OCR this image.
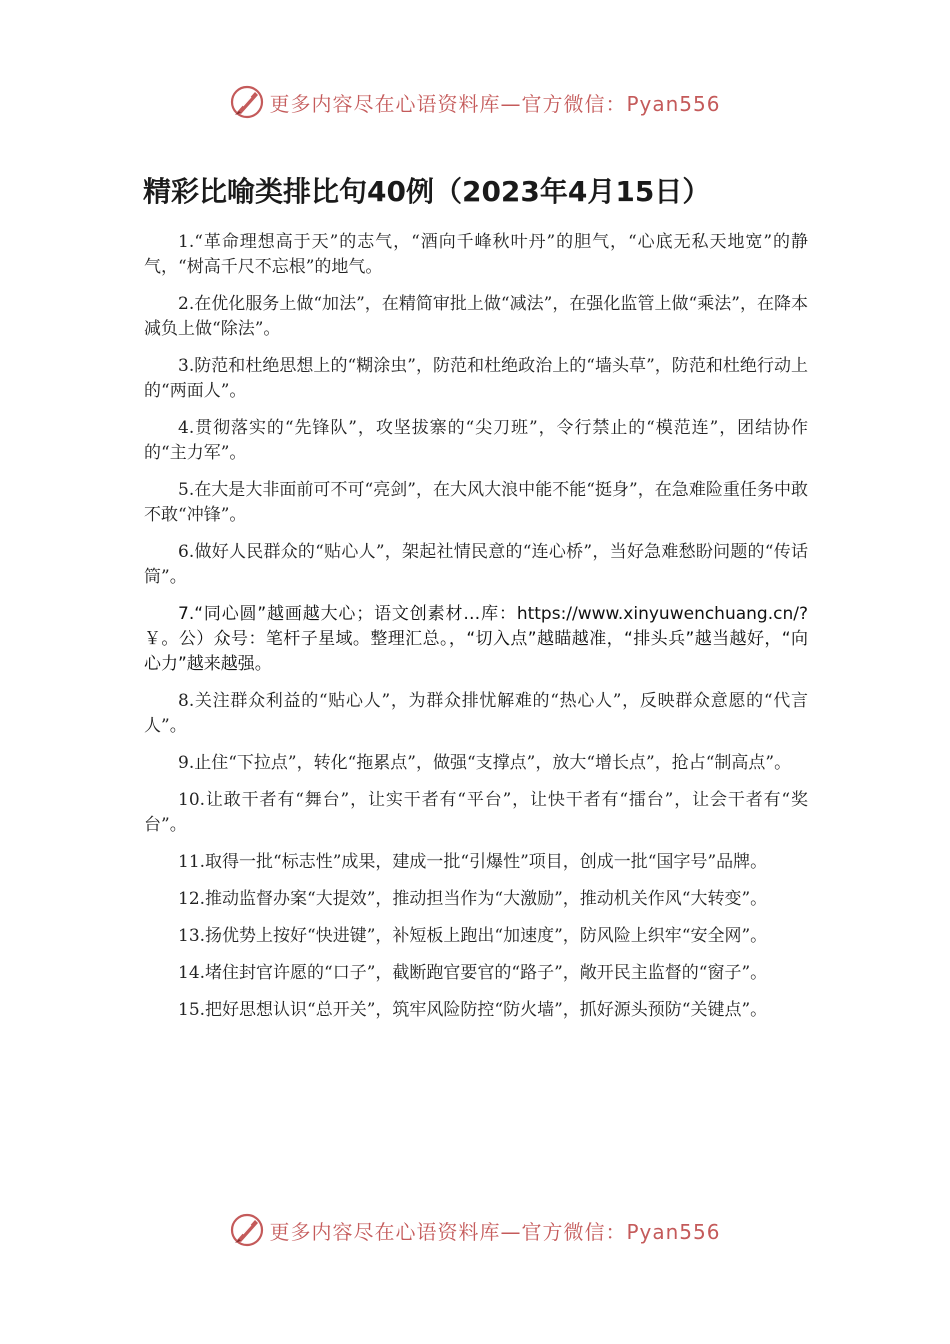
更多内容尽在心语资料库—官方微信：Pyan556
精彩比喻类排比句40例（2023年4月15日）

1.“革命理想高于天”的志气，“酒向千峰秋叶丹”的胆气，“心底无私天地宽”的静气，“树高千尺不忘根”的地气。

2.在优化服务上做“加法”，在精简审批上做“减法”，在强化监管上做“乘法”，在降本减负上做“除法”。

3.防范和杜绝思想上的“糊涂虫”，防范和杜绝政治上的“墙头草”，防范和杜绝行动上的“两面人”。

4.贯彻落实的“先锋队”，攻坚拔寨的“尖刀班”，令行禁止的“模范连”，团结协作的“主力军”。

5.在大是大非面前可不可“亮剑”，在大风大浪中能不能“挺身”，在急难险重任务中敢不敢“冲锋”。

6.做好人民群众的“贴心人”，架起社情民意的“连心桥”，当好急难愁盼问题的“传话筒”。

7.“同心圆”越画越大心；语文创素材…库：https://www.xinyuwenchuang.cn/?￥。公）众号：笔杆子星域。整理汇总。，“切入点”越瞄越准，“排头兵”越当越好，“向心力”越来越强。

8.关注群众利益的“贴心人”，为群众排忧解难的“热心人”，反映群众意愿的“代言人”。

9.止住“下拉点”，转化“拖累点”，做强“支撑点”，放大“增长点”，抢占“制高点”。

10.让敢干者有“舞台”，让实干者有“平台”，让快干者有“擂台”，让会干者有“奖台”。

11.取得一批“标志性”成果，建成一批“引爆性”项目，创成一批“国字号”品牌。

12.推动监督办案“大提效”，推动担当作为“大激励”，推动机关作风“大转变”。

13.扬优势上按好“快进键”，补短板上跑出“加速度”，防风险上织牢“安全网”。

14.堵住封官许愿的“口子”，截断跑官要官的“路子”，敞开民主监督的“窗子”。

15.把好思想认识“总开关”，筑牢风险防控“防火墙”，抓好源头预防“关键点”。

更多内容尽在心语资料库—官方微信：Pyan556
